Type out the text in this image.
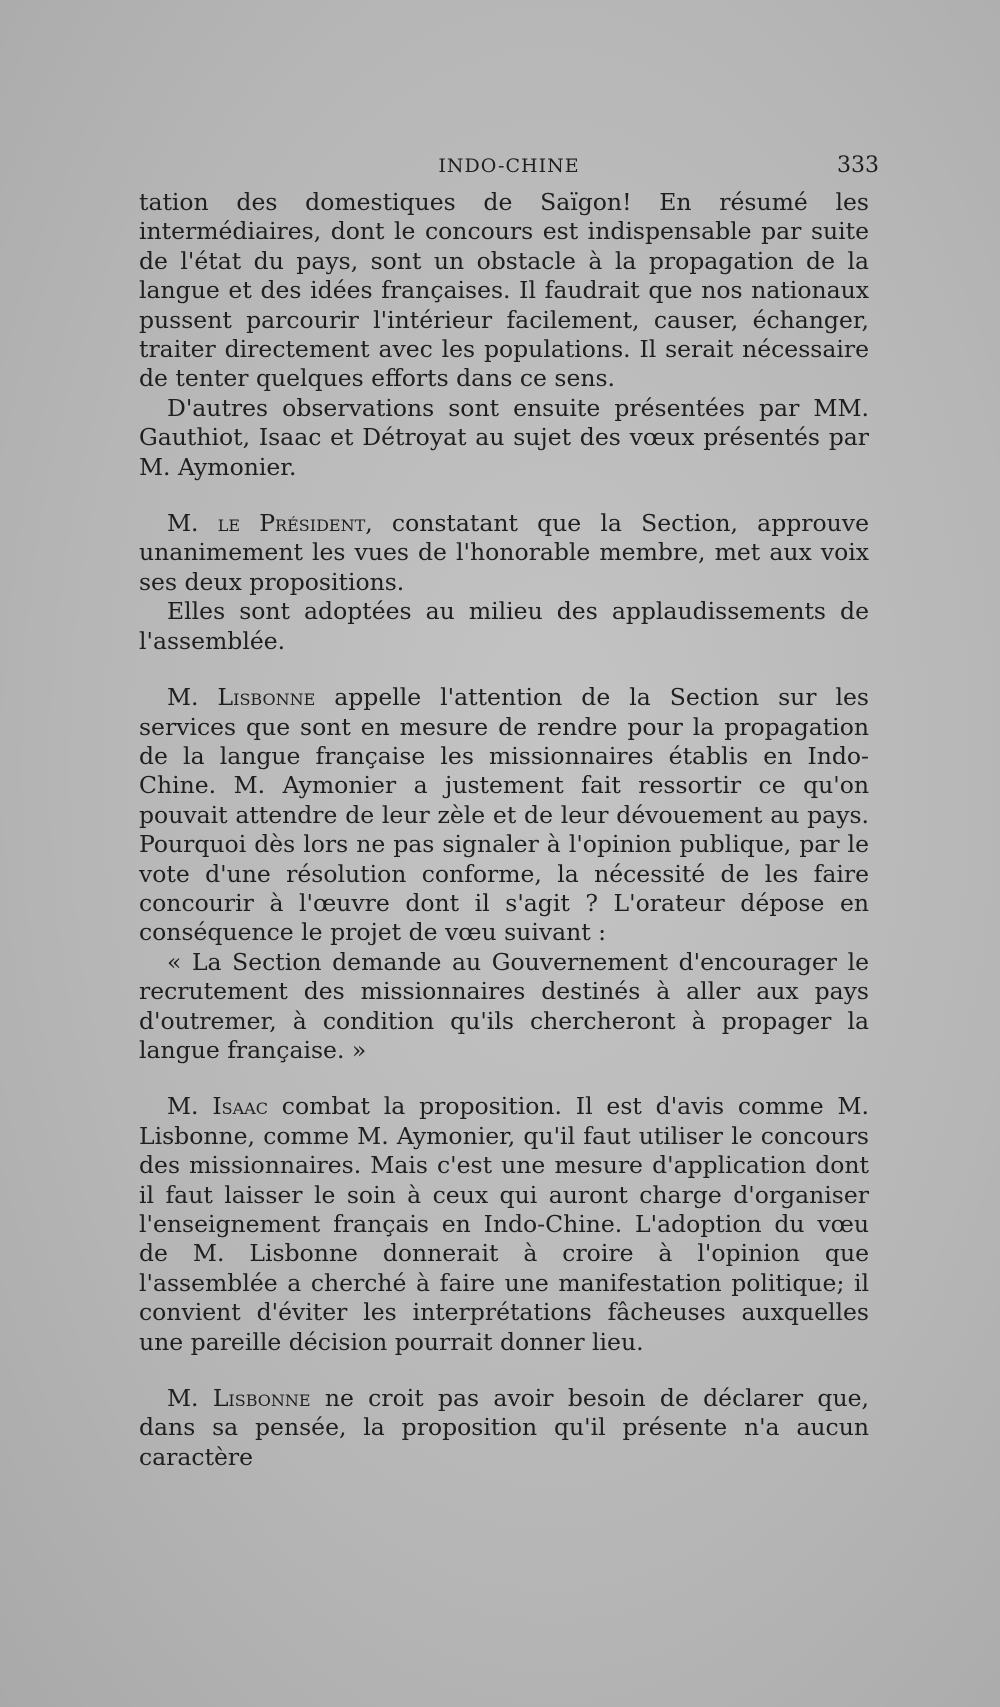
INDO-CHINE	333

tation des domestiques de Saïgon! En résumé les intermédiaires, dont le concours est indispensable par suite de l'état du pays, sont un obstacle à la propagation de la langue et des idées françaises. Il faudrait que nos nationaux pussent parcourir l'intérieur facilement, causer, échanger, traiter directement avec les populations. Il serait nécessaire de tenter quelques efforts dans ce sens.

D'autres observations sont ensuite présentées par MM. Gauthiot, Isaac et Détroyat au sujet des vœux présentés par M. Aymonier.

M. le Président, constatant que la Section, approuve unanimement les vues de l'honorable membre, met aux voix ses deux propositions.

Elles sont adoptées au milieu des applaudissements de l'assemblée.

M. Lisbonne appelle l'attention de la Section sur les services que sont en mesure de rendre pour la propagation de la langue française les missionnaires établis en Indo-Chine. M. Aymonier a justement fait ressortir ce qu'on pouvait attendre de leur zèle et de leur dévouement au pays. Pourquoi dès lors ne pas signaler à l'opinion publique, par le vote d'une résolution conforme, la nécessité de les faire concourir à l'œuvre dont il s'agit ? L'orateur dépose en conséquence le projet de vœu suivant :

« La Section demande au Gouvernement d'encourager le recrutement des missionnaires destinés à aller aux pays d'outremer, à condition qu'ils chercheront à propager la langue française. »

M. Isaac combat la proposition. Il est d'avis comme M. Lisbonne, comme M. Aymonier, qu'il faut utiliser le concours des missionnaires. Mais c'est une mesure d'application dont il faut laisser le soin à ceux qui auront charge d'organiser l'enseignement français en Indo-Chine. L'adoption du vœu de M. Lisbonne donnerait à croire à l'opinion que l'assemblée a cherché à faire une manifestation politique; il convient d'éviter les interprétations fâcheuses auxquelles une pareille décision pourrait donner lieu.

M. Lisbonne ne croit pas avoir besoin de déclarer que, dans sa pensée, la proposition qu'il présente n'a aucun caractère
